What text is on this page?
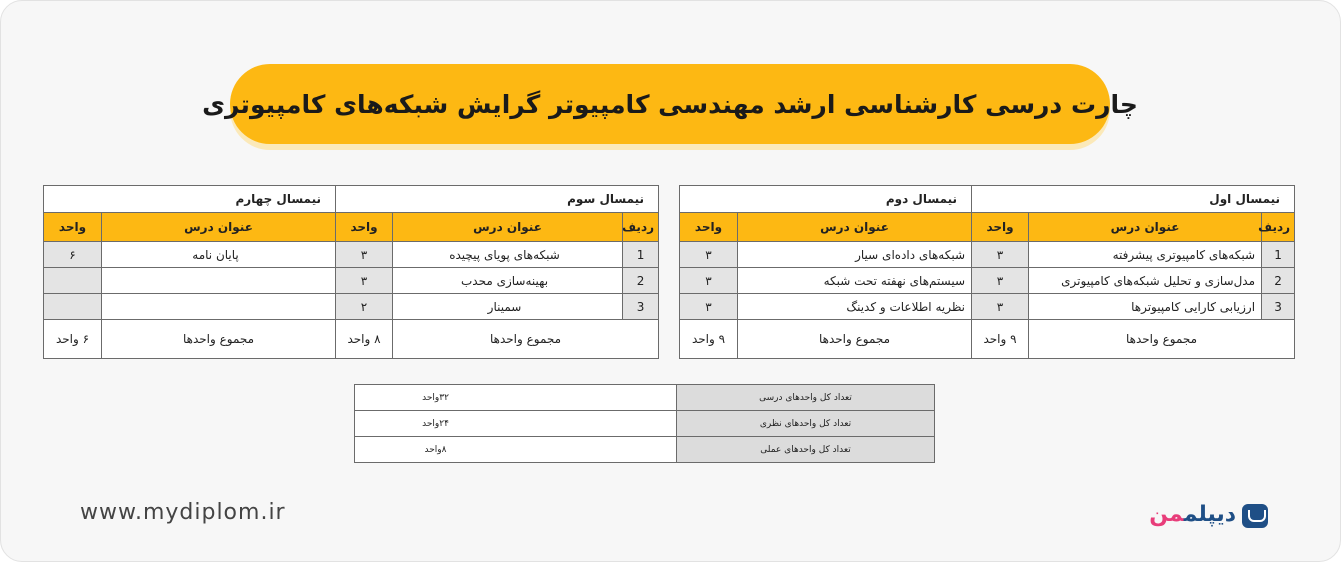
چارت درسی کارشناسی ارشد مهندسی کامپیوتر گرایش شبکه‌های کامپیوتری
نیمسال اول			نیمسال دوم	
ردیف	عنوان درس	واحد	عنوان درس	واحد
1	شبکه‌های کامپیوتری پیشرفته	۳	شبکه‌های داده‌ای سیار	۳
2	مدل‌سازی و تحلیل شبکه‌های کامپیوتری	۳	سیستم‌های نهفته تحت شبکه	۳
3	ارزیابی کارایی کامپیوترها	۳	نظریه اطلاعات و کدینگ	۳
مجموع واحدها		۹ واحد	مجموع واحدها	۹ واحد
نیمسال سوم			نیمسال چهارم	
ردیف	عنوان درس	واحد	عنوان درس	واحد
1	شبکه‌های پویای پیچیده	۳	پایان نامه	۶
2	بهینه‌سازی محدب	۳		
3	سمینار	۲		
مجموع واحدها		۸ واحد	مجموع واحدها	۶ واحد
تعداد کل واحدهای درسی	۳۲واحد
تعداد کل واحدهای نظری	۲۴واحد
تعداد کل واحدهای عملی	۸واحد
www.mydiplom.ir	دیپلممن
